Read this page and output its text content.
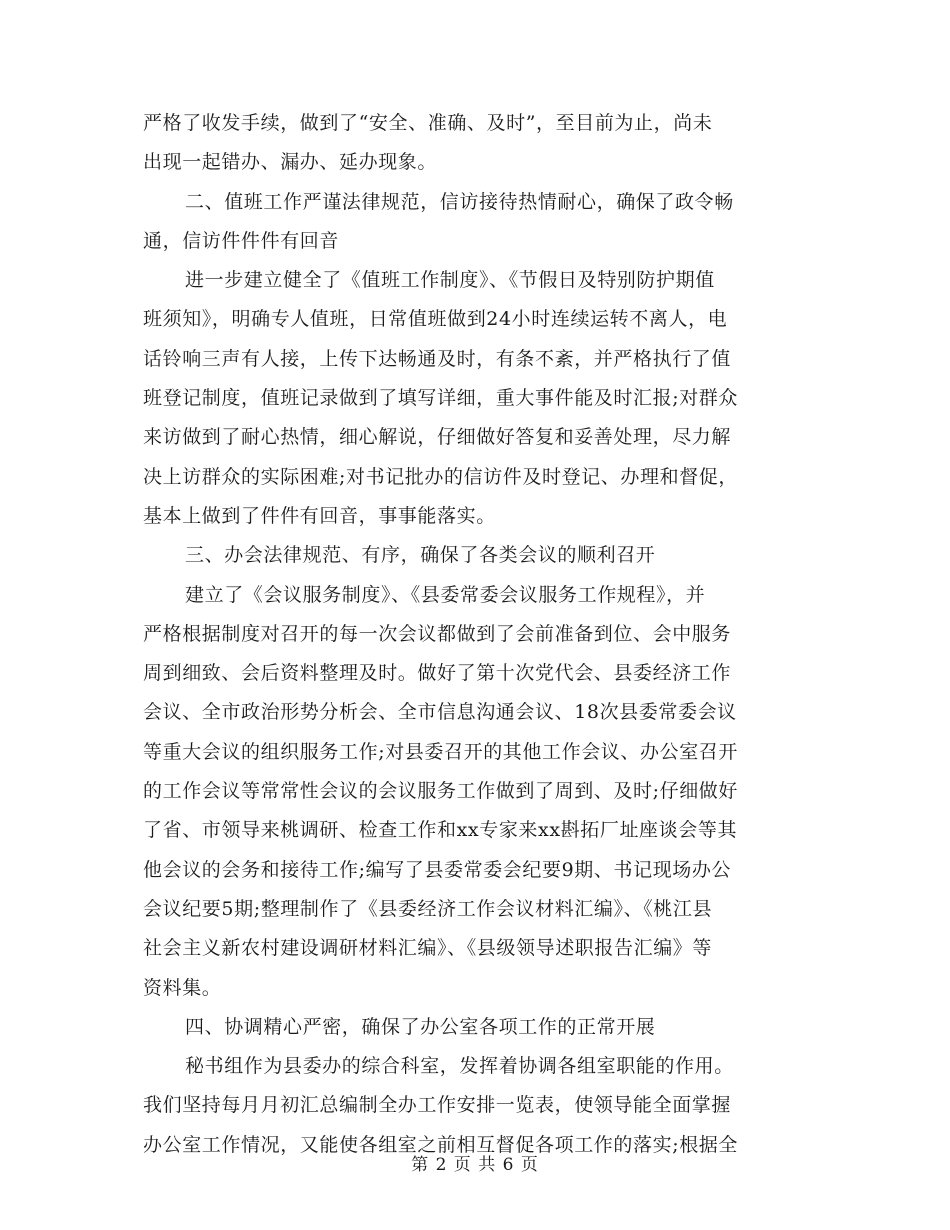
严格了收发手续，做到了“安全、准确、及时”，至目前为止，尚未
出现一起错办、漏办、延办现象。
二、值班工作严谨法律规范，信访接待热情耐心，确保了政令畅
通，信访件件件有回音
进一步建立健全了《值班工作制度》、《节假日及特别防护期值
班须知》，明确专人值班，日常值班做到24小时连续运转不离人，电
话铃响三声有人接，上传下达畅通及时，有条不紊，并严格执行了值
班登记制度，值班记录做到了填写详细，重大事件能及时汇报;对群众
来访做到了耐心热情，细心解说，仔细做好答复和妥善处理，尽力解
决上访群众的实际困难;对书记批办的信访件及时登记、办理和督促，
基本上做到了件件有回音，事事能落实。
三、办会法律规范、有序，确保了各类会议的顺利召开
建立了《会议服务制度》、《县委常委会议服务工作规程》，并
严格根据制度对召开的每一次会议都做到了会前准备到位、会中服务
周到细致、会后资料整理及时。做好了第十次党代会、县委经济工作
会议、全市政治形势分析会、全市信息沟通会议、18次县委常委会议
等重大会议的组织服务工作;对县委召开的其他工作会议、办公室召开
的工作会议等常常性会议的会议服务工作做到了周到、及时;仔细做好
了省、市领导来桃调研、检查工作和xx专家来xx斟拓厂址座谈会等其
他会议的会务和接待工作;编写了县委常委会纪要9期、书记现场办公
会议纪要5期;整理制作了《县委经济工作会议材料汇编》、《桃江县
社会主义新农村建设调研材料汇编》、《县级领导述职报告汇编》等
资料集。
四、协调精心严密，确保了办公室各项工作的正常开展
秘书组作为县委办的综合科室，发挥着协调各组室职能的作用。
我们坚持每月月初汇总编制全办工作安排一览表，使领导能全面掌握
办公室工作情况，又能使各组室之前相互督促各项工作的落实;根据全
第 2 页 共 6 页
